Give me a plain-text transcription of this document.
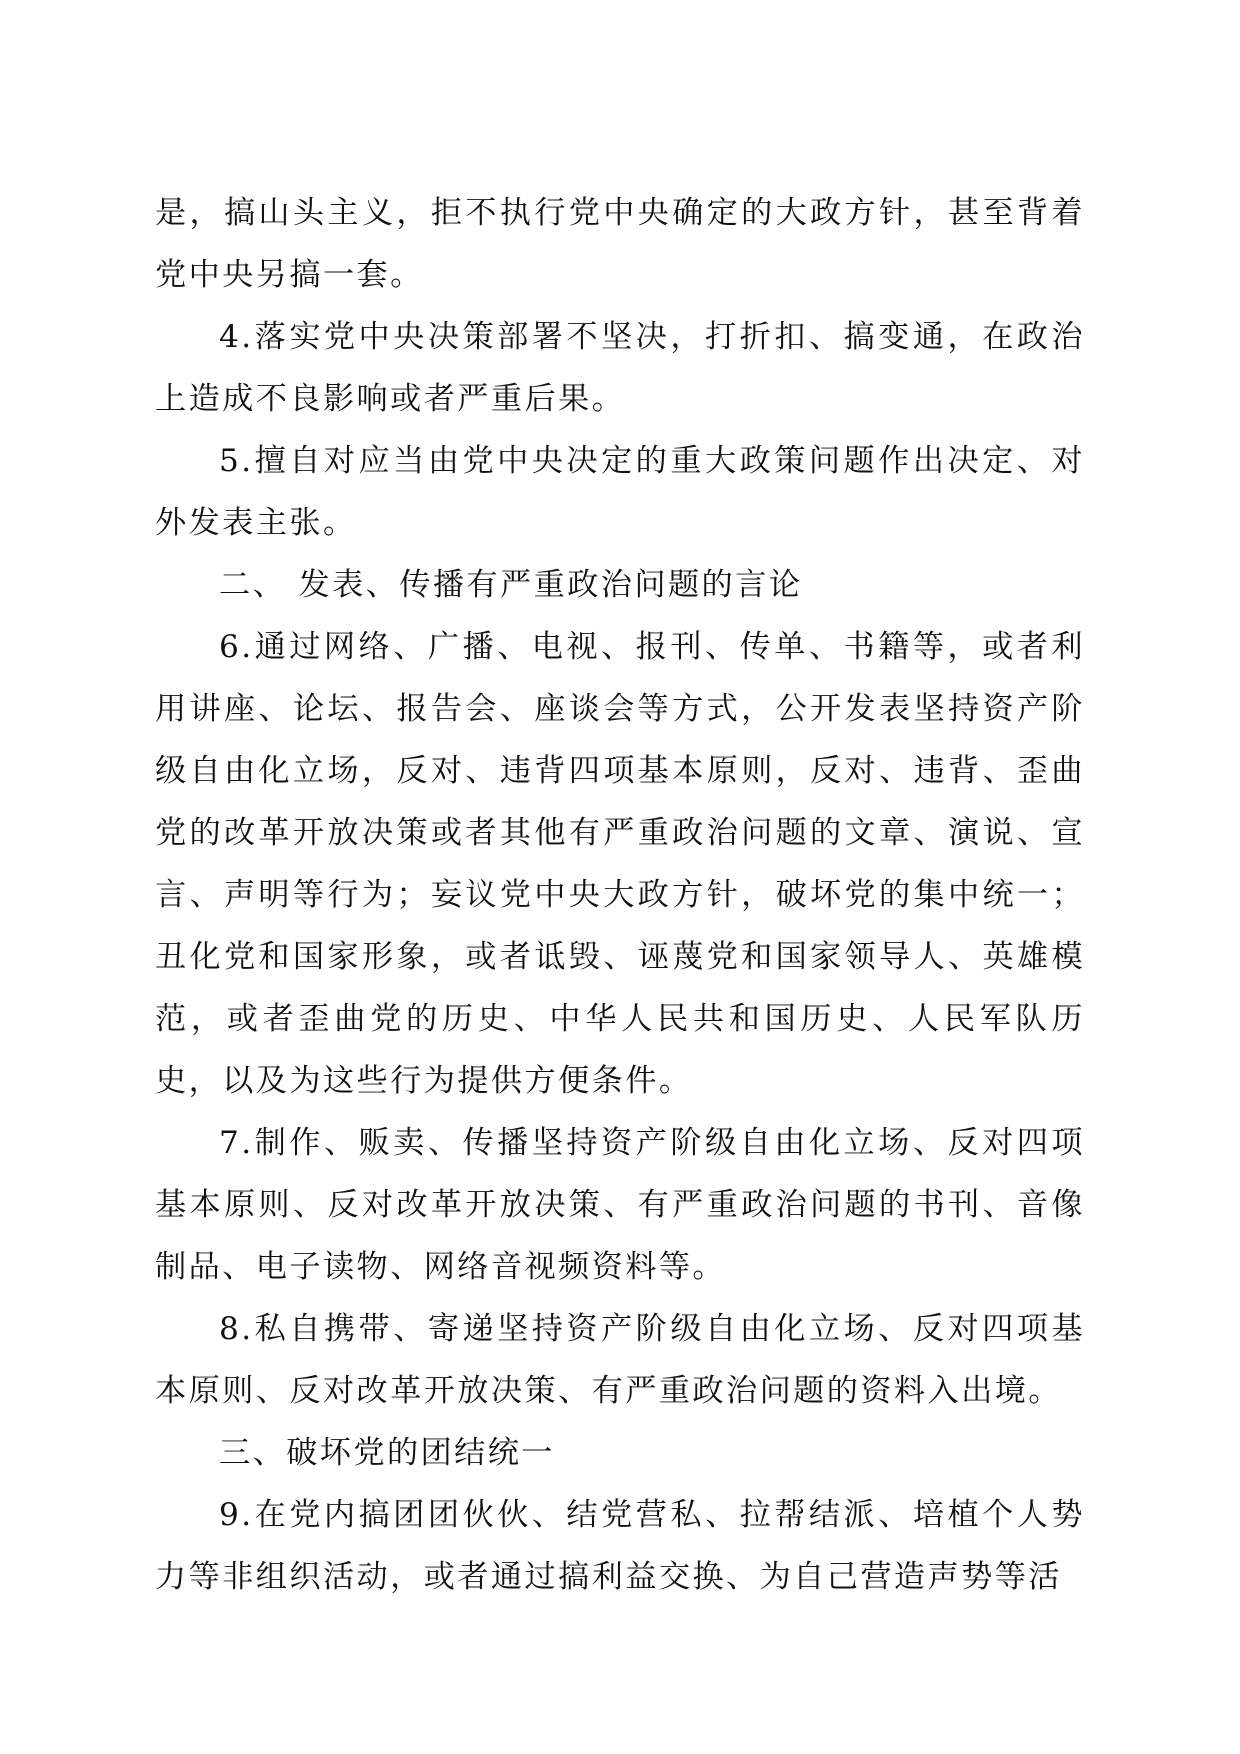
是，搞山头主义，拒不执行党中央确定的大政方针，甚至背着党中央另搞一套。

4.落实党中央决策部署不坚决，打折扣、搞变通，在政治上造成不良影响或者严重后果。

5.擅自对应当由党中央决定的重大政策问题作出决定、对外发表主张。

二、 发表、传播有严重政治问题的言论

6.通过网络、广播、电视、报刊、传单、书籍等，或者利用讲座、论坛、报告会、座谈会等方式，公开发表坚持资产阶级自由化立场，反对、违背四项基本原则，反对、违背、歪曲党的改革开放决策或者其他有严重政治问题的文章、演说、宣言、声明等行为；妄议党中央大政方针，破坏党的集中统一；丑化党和国家形象，或者诋毁、诬蔑党和国家领导人、英雄模范，或者歪曲党的历史、中华人民共和国历史、人民军队历史，以及为这些行为提供方便条件。

7.制作、贩卖、传播坚持资产阶级自由化立场、反对四项基本原则、反对改革开放决策、有严重政治问题的书刊、音像制品、电子读物、网络音视频资料等。

8.私自携带、寄递坚持资产阶级自由化立场、反对四项基本原则、反对改革开放决策、有严重政治问题的资料入出境。

三、破坏党的团结统一

9.在党内搞团团伙伙、结党营私、拉帮结派、培植个人势力等非组织活动，或者通过搞利益交换、为自己营造声势等活
